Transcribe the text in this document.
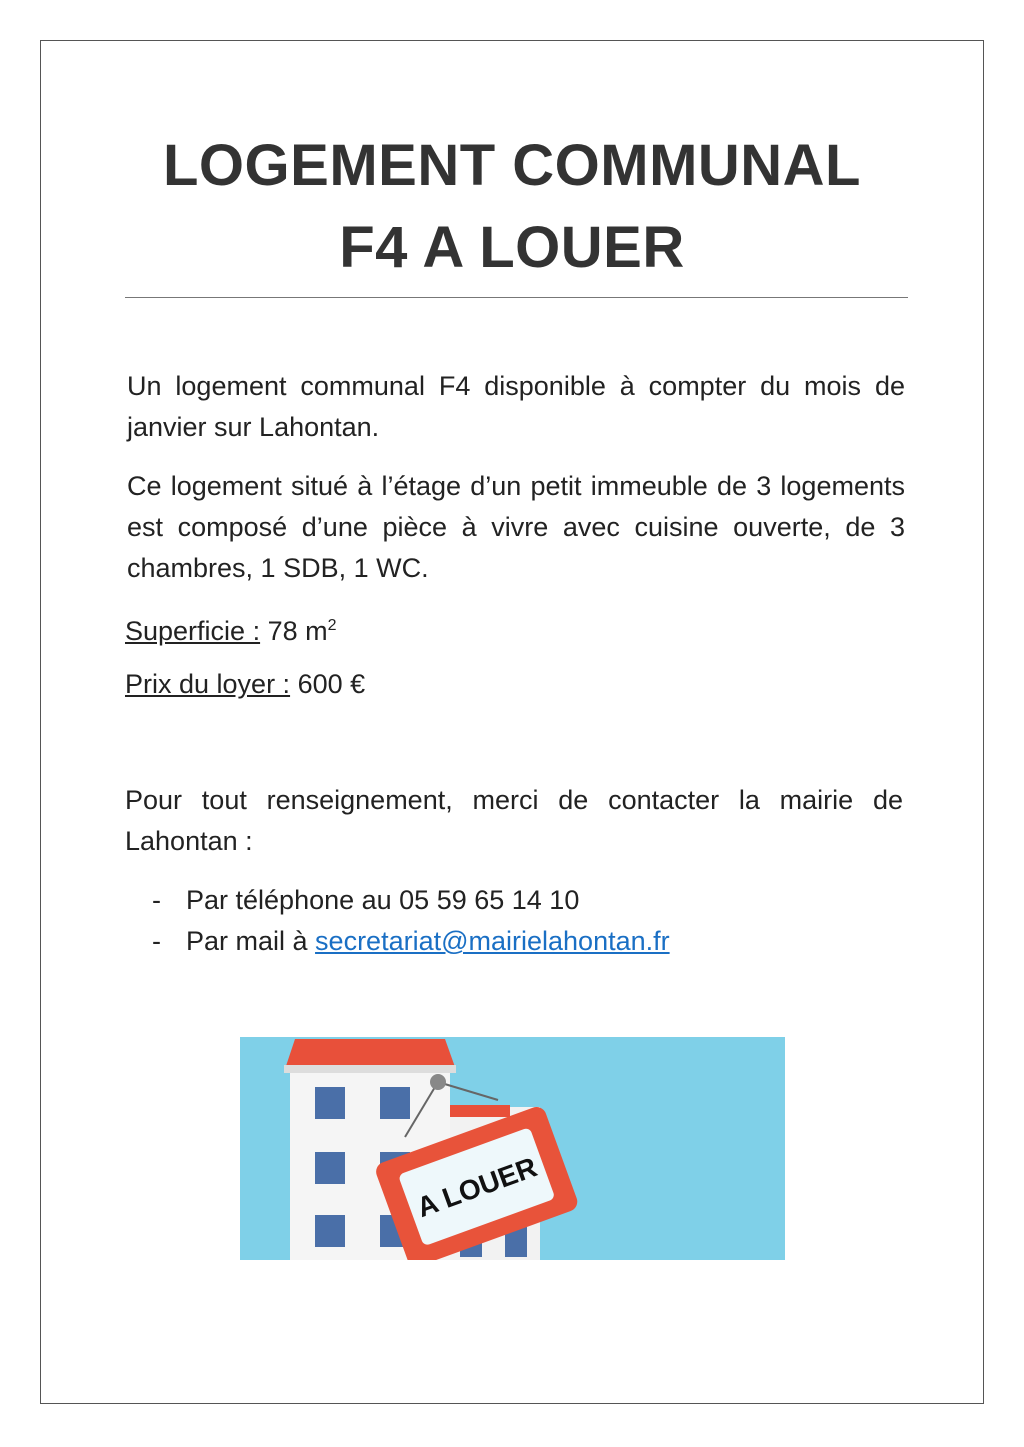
LOGEMENT COMMUNAL
F4 A LOUER
Un logement communal F4 disponible à compter du mois de janvier sur Lahontan.
Ce logement situé à l’étage d’un petit immeuble de 3 logements est composé d’une pièce à vivre avec cuisine ouverte, de 3 chambres, 1 SDB, 1 WC.
Superficie : 78 $m^2$
Prix du loyer : 600 €
Pour tout renseignement, merci de contacter la mairie de Lahontan :
- Par téléphone au 05 59 65 14 10
- Par mail à secretariat@mairielahontan.fr
A LOUER
